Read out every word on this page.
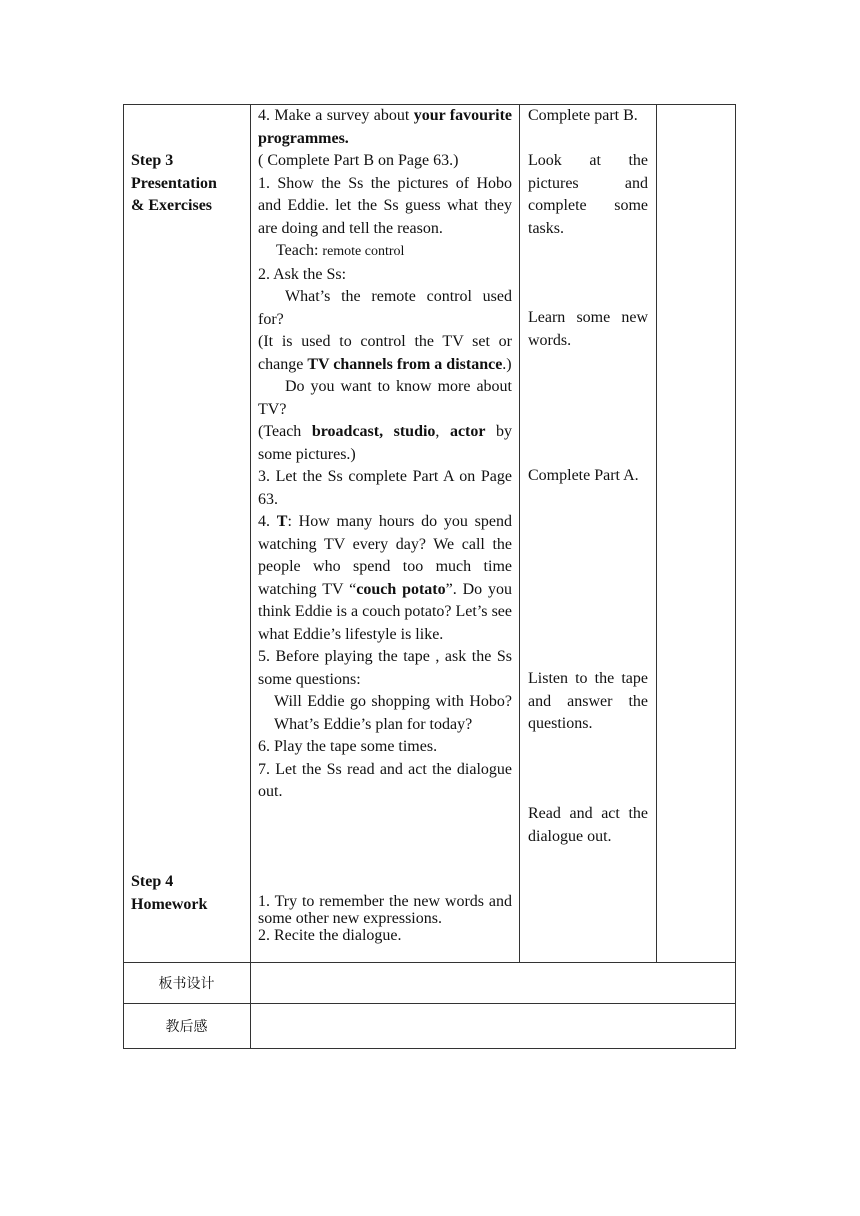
Step 3
Presentation
& Exercises
Step 4
Homework

4. Make a survey about your favourite programmes.

( Complete Part B on Page 63.)

1. Show the Ss the pictures of Hobo and Eddie. let the Ss guess what they are doing and tell the reason.

Teach: remote control

2. Ask the Ss:

What’s the remote control used for?

(It is used to control the TV set or change TV channels from a distance.)

Do you want to know more about TV?

(Teach broadcast, studio, actor by some pictures.)

3. Let the Ss complete Part A on Page 63.

4. T: How many hours do you spend watching TV every day? We call the people who spend too much time watching TV “couch potato”. Do you think Eddie is a couch potato? Let’s see what Eddie’s lifestyle is like.

5. Before playing the tape , ask the Ss some questions:

Will Eddie go shopping with Hobo? What’s Eddie’s plan for today?

6. Play the tape some times.

7. Let the Ss read and act the dialogue out.

1. Try to remember the new words and some other new expressions.

2. Recite the dialogue.

Complete part B.

Look at the pictures and complete some tasks.

Learn some new words.

Complete Part A.

Listen to the tape and answer the questions.

Read and act the dialogue out.

板书设计
教后感
